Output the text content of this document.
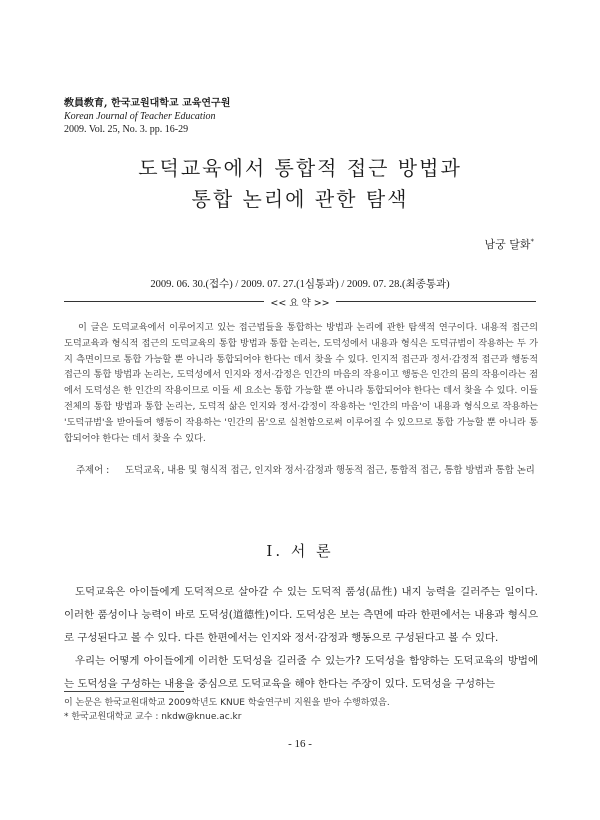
敎員敎育, 한국교원대학교 교육연구원
Korean Journal of Teacher Education
2009. Vol. 25, No. 3. pp. 16-29
도덕교육에서 통합적 접근 방법과
통합 논리에 관한 탐색
남궁 달화*
2009. 06. 30.(접수) / 2009. 07. 27.(1심통과) / 2009. 07. 28.(최종통과)
<< 요 약 >>
이 글은 도덕교육에서 이루어지고 있는 접근법들을 통합하는 방법과 논리에 관한 탐색적 연구이다. 내용적 접근의 도덕교육과 형식적 접근의 도덕교육의 통합 방법과 통합 논리는, 도덕성에서 내용과 형식은 도덕규범이 작용하는 두 가지 측면이므로 통합 가능할 뿐 아니라 통합되어야 한다는 데서 찾을 수 있다. 인지적 접근과 정서·감정적 접근과 행동적 접근의 통합 방법과 논리는, 도덕성에서 인지와 정서·감정은 인간의 마음의 작용이고 행동은 인간의 몸의 작용이라는 점에서 도덕성은 한 인간의 작용이므로 이들 세 요소는 통합 가능할 뿐 아니라 통합되어야 한다는 데서 찾을 수 있다. 이들 전체의 통합 방법과 통합 논리는, 도덕적 삶은 인지와 정서·감정이 작용하는 '인간의 마음'이 내용과 형식으로 작용하는 '도덕규범'을 받아들여 행동이 작용하는 '인간의 몸'으로 실천함으로써 이루어질 수 있으므로 통합 가능할 뿐 아니라 통합되어야 한다는 데서 찾을 수 있다.
주제어 : 도덕교육, 내용 및 형식적 접근, 인지와 정서·감정과 행동적 접근, 통합적 접근, 통합 방법과 통합 논리
I. 서 론

도덕교육은 아이들에게 도덕적으로 살아갈 수 있는 도덕적 품성(品性) 내지 능력을 길러주는 일이다. 이러한 품성이나 능력이 바로 도덕성(道德性)이다. 도덕성은 보는 측면에 따라 한편에서는 내용과 형식으로 구성된다고 볼 수 있다. 다른 한편에서는 인지와 정서·감정과 행동으로 구성된다고 볼 수 있다.

우리는 어떻게 아이들에게 이러한 도덕성을 길러줄 수 있는가? 도덕성을 함양하는 도덕교육의 방법에는 도덕성을 구성하는 내용을 중심으로 도덕교육을 해야 한다는 주장이 있다. 도덕성을 구성하는

이 논문은 한국교원대학교 2009학년도 KNUE 학술연구비 지원을 받아 수행하였음.
* 한국교원대학교 교수 : nkdw@knue.ac.kr
- 16 -
